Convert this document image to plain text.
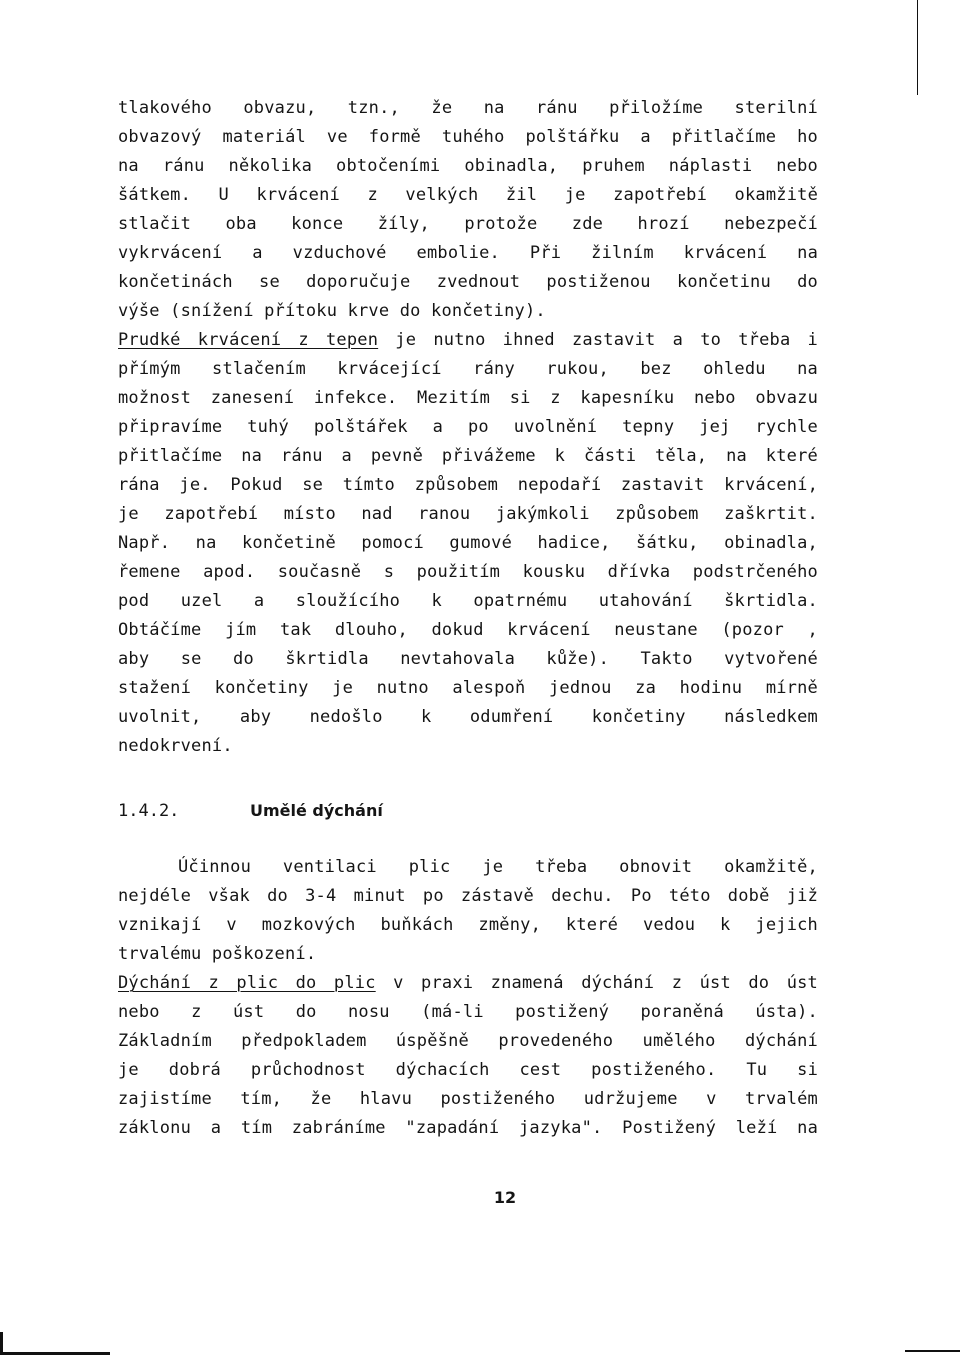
tlakového obvazu, tzn., že na ránu přiložíme sterilní
obvazový materiál ve formě tuhého polštářku a přitlačíme ho
na ránu několika obtočeními obinadla, pruhem náplasti nebo
šátkem. U krvácení z velkých žil je zapotřebí okamžitě
stlačit oba konce žíly, protože zde hrozí nebezpečí
vykrvácení a vzduchové embolie. Při žilním krvácení na
končetinách se doporučuje zvednout postiženou končetinu do
výše (snížení přítoku krve do končetiny).
Prudké krvácení z tepen je nutno ihned zastavit a to třeba i
přímým stlačením krvácející rány rukou, bez ohledu na
možnost zanesení infekce. Mezitím si z kapesníku nebo obvazu
připravíme tuhý polštářek a po uvolnění tepny jej rychle
přitlačíme na ránu a pevně přivážeme k části těla, na které
rána je. Pokud se tímto způsobem nepodaří zastavit krvácení,
je zapotřebí místo nad ranou jakýmkoli způsobem zaškrtit.
Např. na končetině pomocí gumové hadice, šátku, obinadla,
řemene apod. současně s použitím kousku dřívka podstrčeného
pod uzel a sloužícího k opatrnému utahování škrtidla.
Obtáčíme jím tak dlouho, dokud krvácení neustane (pozor ,
aby se do škrtidla nevtahovala kůže). Takto vytvořené
stažení končetiny je nutno alespoň jednou za hodinu mírně
uvolnit, aby nedošlo k odumření končetiny následkem
nedokrvení.
1.4.2.	Umělé dýchání
Účinnou ventilaci plic je třeba obnovit okamžitě,
nejdéle však do 3-4 minut po zástavě dechu. Po této době již
vznikají v mozkových buňkách změny, které vedou k jejich
trvalému poškození.
Dýchání z plic do plic v praxi znamená dýchání z úst do úst
nebo z úst do nosu (má-li postižený poraněná ústa).
Základním předpokladem úspěšně provedeného umělého dýchání
je dobrá průchodnost dýchacích cest postiženého. Tu si
zajistíme tím, že hlavu postiženého udržujeme v trvalém
záklonu a tím zabráníme "zapadání jazyka". Postižený leží na
12
